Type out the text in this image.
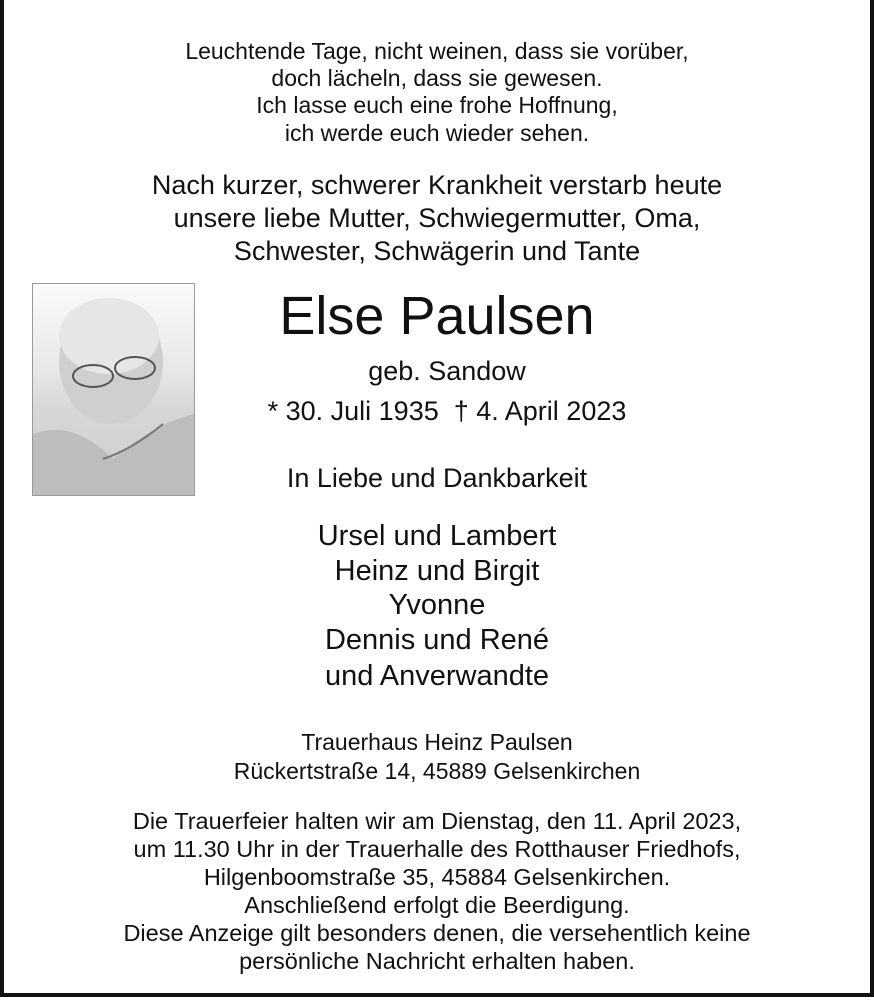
Leuchtende Tage, nicht weinen, dass sie vorüber,
doch lächeln, dass sie gewesen.
Ich lasse euch eine frohe Hoffnung,
ich werde euch wieder sehen.
Nach kurzer, schwerer Krankheit verstarb heute
unsere liebe Mutter, Schwiegermutter, Oma,
Schwester, Schwägerin und Tante
Else Paulsen
geb. Sandow
* 30. Juli 1935  † 4. April 2023
In Liebe und Dankbarkeit
Ursel und Lambert
Heinz und Birgit
Yvonne
Dennis und René
und Anverwandte
Trauerhaus Heinz Paulsen
Rückertstraße 14, 45889 Gelsenkirchen
Die Trauerfeier halten wir am Dienstag, den 11. April 2023,
um 11.30 Uhr in der Trauerhalle des Rotthauser Friedhofs,
Hilgenboomstraße 35, 45884 Gelsenkirchen.
Anschließend erfolgt die Beerdigung.
Diese Anzeige gilt besonders denen, die versehentlich keine
persönliche Nachricht erhalten haben.
